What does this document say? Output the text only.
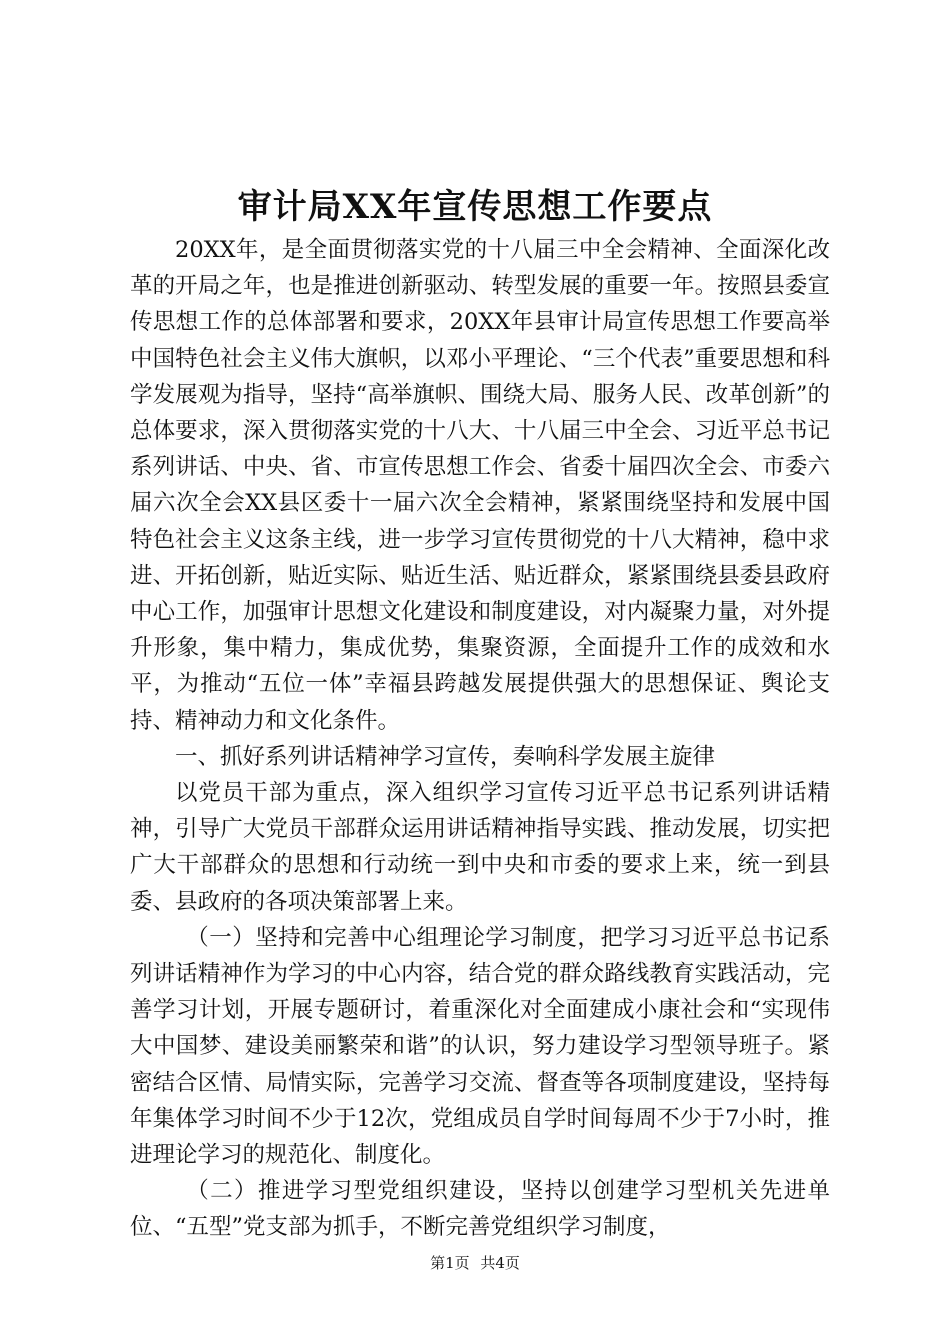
审计局XX年宣传思想工作要点

20XX年，是全面贯彻落实党的十八届三中全会精神、全面深化改革的开局之年，也是推进创新驱动、转型发展的重要一年。按照县委宣传思想工作的总体部署和要求，20XX年县审计局宣传思想工作要高举中国特色社会主义伟大旗帜，以邓小平理论、“三个代表”重要思想和科学发展观为指导，坚持“高举旗帜、围绕大局、服务人民、改革创新”的总体要求，深入贯彻落实党的十八大、十八届三中全会、习近平总书记系列讲话、中央、省、市宣传思想工作会、省委十届四次全会、市委六届六次全会XX县区委十一届六次全会精神，紧紧围绕坚持和发展中国特色社会主义这条主线，进一步学习宣传贯彻党的十八大精神，稳中求进、开拓创新，贴近实际、贴近生活、贴近群众，紧紧围绕县委县政府中心工作，加强审计思想文化建设和制度建设，对内凝聚力量，对外提升形象，集中精力，集成优势，集聚资源，全面提升工作的成效和水平，为推动“五位一体”幸福县跨越发展提供强大的思想保证、舆论支持、精神动力和文化条件。

一、抓好系列讲话精神学习宣传，奏响科学发展主旋律

以党员干部为重点，深入组织学习宣传习近平总书记系列讲话精神，引导广大党员干部群众运用讲话精神指导实践、推动发展，切实把广大干部群众的思想和行动统一到中央和市委的要求上来，统一到县委、县政府的各项决策部署上来。

（一）坚持和完善中心组理论学习制度，把学习习近平总书记系列讲话精神作为学习的中心内容，结合党的群众路线教育实践活动，完善学习计划，开展专题研讨，着重深化对全面建成小康社会和“实现伟大中国梦、建设美丽繁荣和谐”的认识，努力建设学习型领导班子。紧密结合区情、局情实际，完善学习交流、督查等各项制度建设，坚持每年集体学习时间不少于12次，党组成员自学时间每周不少于7小时，推进理论学习的规范化、制度化。

（二）推进学习型党组织建设，坚持以创建学习型机关先进单位、“五型”党支部为抓手，不断完善党组织学习制度，

第1页 共4页
